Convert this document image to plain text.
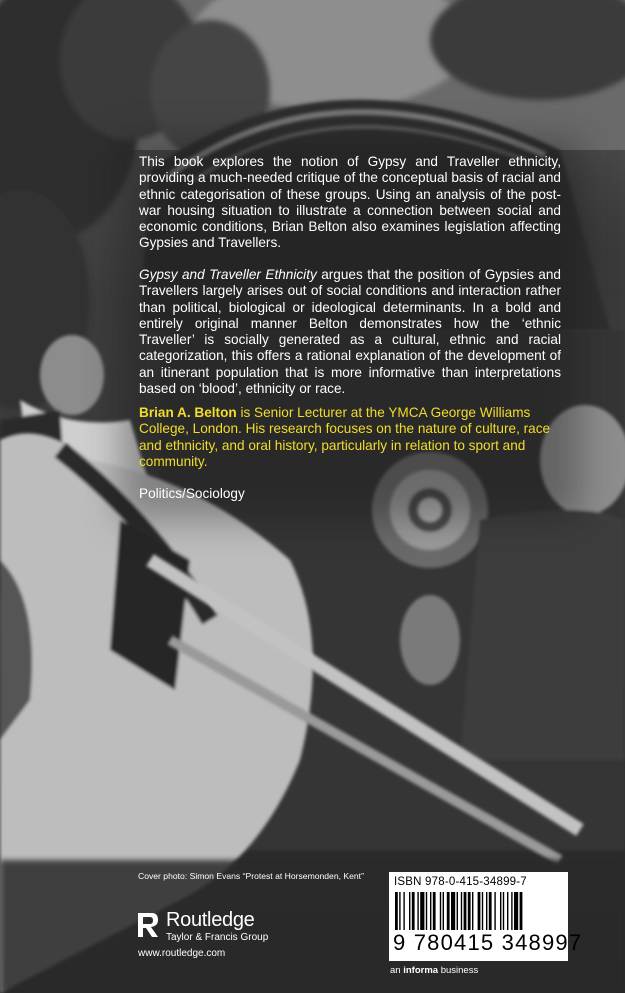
This book explores the notion of Gypsy and Traveller ethnicity, providing a much-needed critique of the conceptual basis of racial and ethnic categorisation of these groups. Using an analysis of the post-war housing situation to illustrate a connection between social and economic conditions, Brian Belton also examines legislation affecting Gypsies and Travellers.

Gypsy and Traveller Ethnicity argues that the position of Gypsies and Travellers largely arises out of social conditions and interaction rather than political, biological or ideological determinants. In a bold and entirely original manner Belton demonstrates how the ‘ethnic Traveller’ is socially generated as a cultural, ethnic and racial categorization, this offers a rational explanation of the development of an itinerant population that is more informative than interpretations based on ‘blood’, ethnicity or race.

Brian A. Belton is Senior Lecturer at the YMCA George Williams College, London. His research focuses on the nature of culture, race and ethnicity, and oral history, particularly in relation to sport and community.

Politics/Sociology

Cover photo: Simon Evans “Protest at Horsemonden, Kent”
Routledge
Taylor & Francis Group
www.routledge.com
ISBN 978-0-415-34899-7
9 780415 348997
an informa business
